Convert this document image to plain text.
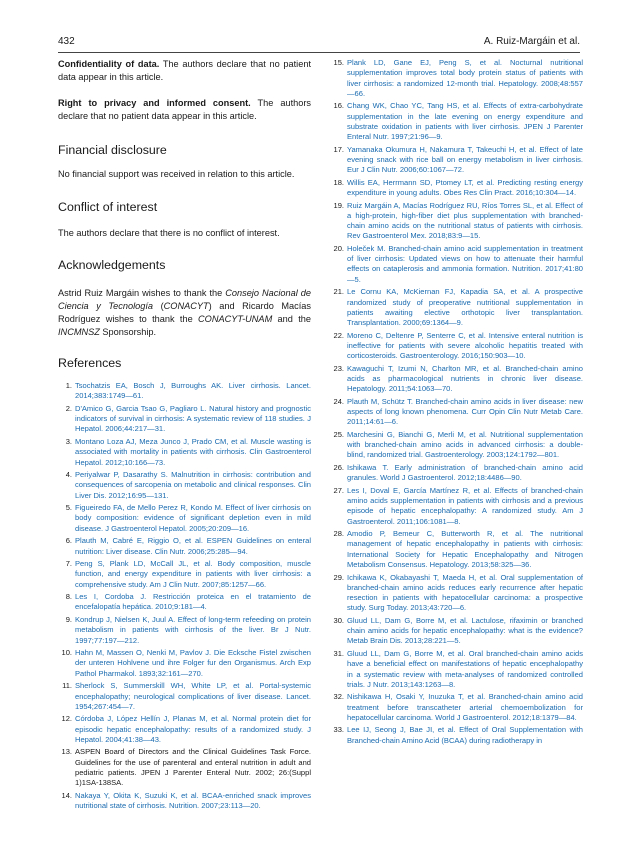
432	A. Ruiz-Margáin et al.

Confidentiality of data. The authors declare that no patient data appear in this article.

Right to privacy and informed consent. The authors declare that no patient data appear in this article.

Financial disclosure

No financial support was received in relation to this article.

Conflict of interest

The authors declare that there is no conflict of interest.

Acknowledgements

Astrid Ruiz Margáin wishes to thank the Consejo Nacional de Ciencia y Tecnología (CONACYT) and Ricardo Macías Rodríguez wishes to thank the CONACYT-UNAM and the INCMNSZ Sponsorship.

References

1. Tsochatzis EA, Bosch J, Burroughs AK. Liver cirrhosis. Lancet. 2014;383:1749—61.

2. D'Amico G, Garcia Tsao G, Pagliaro L. Natural history and prognostic indicators of survival in cirrhosis: A systematic review of 118 studies. J Hepatol. 2006;44:217—31.

3. Montano Loza AJ, Meza Junco J, Prado CM, et al. Muscle wasting is associated with mortality in patients with cirrhosis. Clin Gastroenterol Hepatol. 2012;10:166—73.

4. Periyalwar P, Dasarathy S. Malnutrition in cirrhosis: contribution and consequences of sarcopenia on metabolic and clinical responses. Clin Liver Dis. 2012;16:95—131.

5. Figueiredo FA, de Mello Perez R, Kondo M. Effect of liver cirrhosis on body composition: evidence of significant depletion even in mild disease. J Gastroenterol Hepatol. 2005;20:209—16.

6. Plauth M, Cabré E, Riggio O, et al. ESPEN Guidelines on enteral nutrition: Liver disease. Clin Nutr. 2006;25:285—94.

7. Peng S, Plank LD, McCall JL, et al. Body composition, muscle function, and energy expenditure in patients with liver cirrhosis: a comprehensive study. Am J Clin Nutr. 2007;85:1257—66.

8. Les I, Cordoba J. Restricción proteica en el tratamiento de encefalopatía hepática. 2010;9:181—4.

9. Kondrup J, Nielsen K, Juul A. Effect of long-term refeeding on protein metabolism in patients with cirrhosis of the liver. Br J Nutr. 1997;77:197—212.

10. Hahn M, Massen O, Nenki M, Pavlov J. Die Ecksche Fistel zwischen der unteren Hohlvene und ihre Folger fur den Organismus. Arch Exp Pathol Pharmakol. 1893;32:161—270.

11. Sherlock S, Summerskill WH, White LP, et al. Portal-systemic encephalopathy; neurological complications of liver disease. Lancet. 1954;267:454—7.

12. Córdoba J, López Hellín J, Planas M, et al. Normal protein diet for episodic hepatic encephalopathy: results of a randomized study. J Hepatol. 2004;41:38—43.

13. ASPEN Board of Directors and the Clinical Guidelines Task Force. Guidelines for the use of parenteral and enteral nutrition in adult and pediatric patients. JPEN J Parenter Enteral Nutr. 2002; 26:(Suppl 1)1SA-138SA.

14. Nakaya Y, Okita K, Suzuki K, et al. BCAA-enriched snack improves nutritional state of cirrhosis. Nutrition. 2007;23:113—20.

15. Plank LD, Gane EJ, Peng S, et al. Nocturnal nutritional supplementation improves total body protein status of patients with liver cirrhosis: a randomized 12-month trial. Hepatology. 2008;48:557—66.

16. Chang WK, Chao YC, Tang HS, et al. Effects of extra-carbohydrate supplementation in the late evening on energy expenditure and substrate oxidation in patients with liver cirrhosis. JPEN J Parenter Enteral Nutr. 1997;21:96—9.

17. Yamanaka Okumura H, Nakamura T, Takeuchi H, et al. Effect of late evening snack with rice ball on energy metabolism in liver cirrhosis. Eur J Clin Nutr. 2006;60:1067—72.

18. Willis EA, Herrmann SD, Ptomey LT, et al. Predicting resting energy expenditure in young adults. Obes Res Clin Pract. 2016;10:304—14.

19. Ruiz Margáin A, Macías Rodríguez RU, Ríos Torres SL, et al. Effect of a high-protein, high-fiber diet plus supplementation with branched-chain amino acids on the nutritional status of patients with cirrhosis. Rev Gastroenterol Mex. 2018;83:9—15.

20. Holeček M. Branched-chain amino acid supplementation in treatment of liver cirrhosis: Updated views on how to attenuate their harmful effects on cataplerosis and ammonia formation. Nutrition. 2017;41:80—5.

21. Le Cornu KA, McKiernan FJ, Kapadia SA, et al. A prospective randomized study of preoperative nutritional supplementation in patients awaiting elective orthotopic liver transplantation. Transplantation. 2000;69:1364—9.

22. Moreno C, Deltenre P, Senterre C, et al. Intensive enteral nutrition is ineffective for patients with severe alcoholic hepatitis treated with corticosteroids. Gastroenterology. 2016;150:903—10.

23. Kawaguchi T, Izumi N, Charlton MR, et al. Branched-chain amino acids as pharmacological nutrients in chronic liver disease. Hepatology. 2011;54:1063—70.

24. Plauth M, Schütz T. Branched-chain amino acids in liver disease: new aspects of long known phenomena. Curr Opin Clin Nutr Metab Care. 2011;14:61—6.

25. Marchesini G, Bianchi G, Merli M, et al. Nutritional supplementation with branched-chain amino acids in advanced cirrhosis: a double-blind, randomized trial. Gastroenterology. 2003;124:1792—801.

26. Ishikawa T. Early administration of branched-chain amino acid granules. World J Gastroenterol. 2012;18:4486—90.

27. Les I, Doval E, García Martínez R, et al. Effects of branched-chain amino acids supplementation in patients with cirrhosis and a previous episode of hepatic encephalopathy: A randomized study. Am J Gastroenterol. 2011;106:1081—8.

28. Amodio P, Bemeur C, Butterworth R, et al. The nutritional management of hepatic encephalopathy in patients with cirrhosis: International Society for Hepatic Encephalopathy and Nitrogen Metabolism Consensus. Hepatology. 2013;58:325—36.

29. Ichikawa K, Okabayashi T, Maeda H, et al. Oral supplementation of branched-chain amino acids reduces early recurrence after hepatic resection in patients with hepatocellular carcinoma: a prospective study. Surg Today. 2013;43:720—6.

30. Gluud LL, Dam G, Borre M, et al. Lactulose, rifaximin or branched chain amino acids for hepatic encephalopathy: what is the evidence? Metab Brain Dis. 2013;28:221—5.

31. Gluud LL, Dam G, Borre M, et al. Oral branched-chain amino acids have a beneficial effect on manifestations of hepatic encephalopathy in a systematic review with meta-analyses of randomized controlled trials. J Nutr. 2013;143:1263—8.

32. Nishikawa H, Osaki Y, Inuzuka T, et al. Branched-chain amino acid treatment before transcatheter arterial chemoembolization for hepatocellular carcinoma. World J Gastroenterol. 2012;18:1379—84.

33. Lee IJ, Seong J, Bae JI, et al. Effect of Oral Supplementation with Branched-chain Amino Acid (BCAA) during radiotherapy in
